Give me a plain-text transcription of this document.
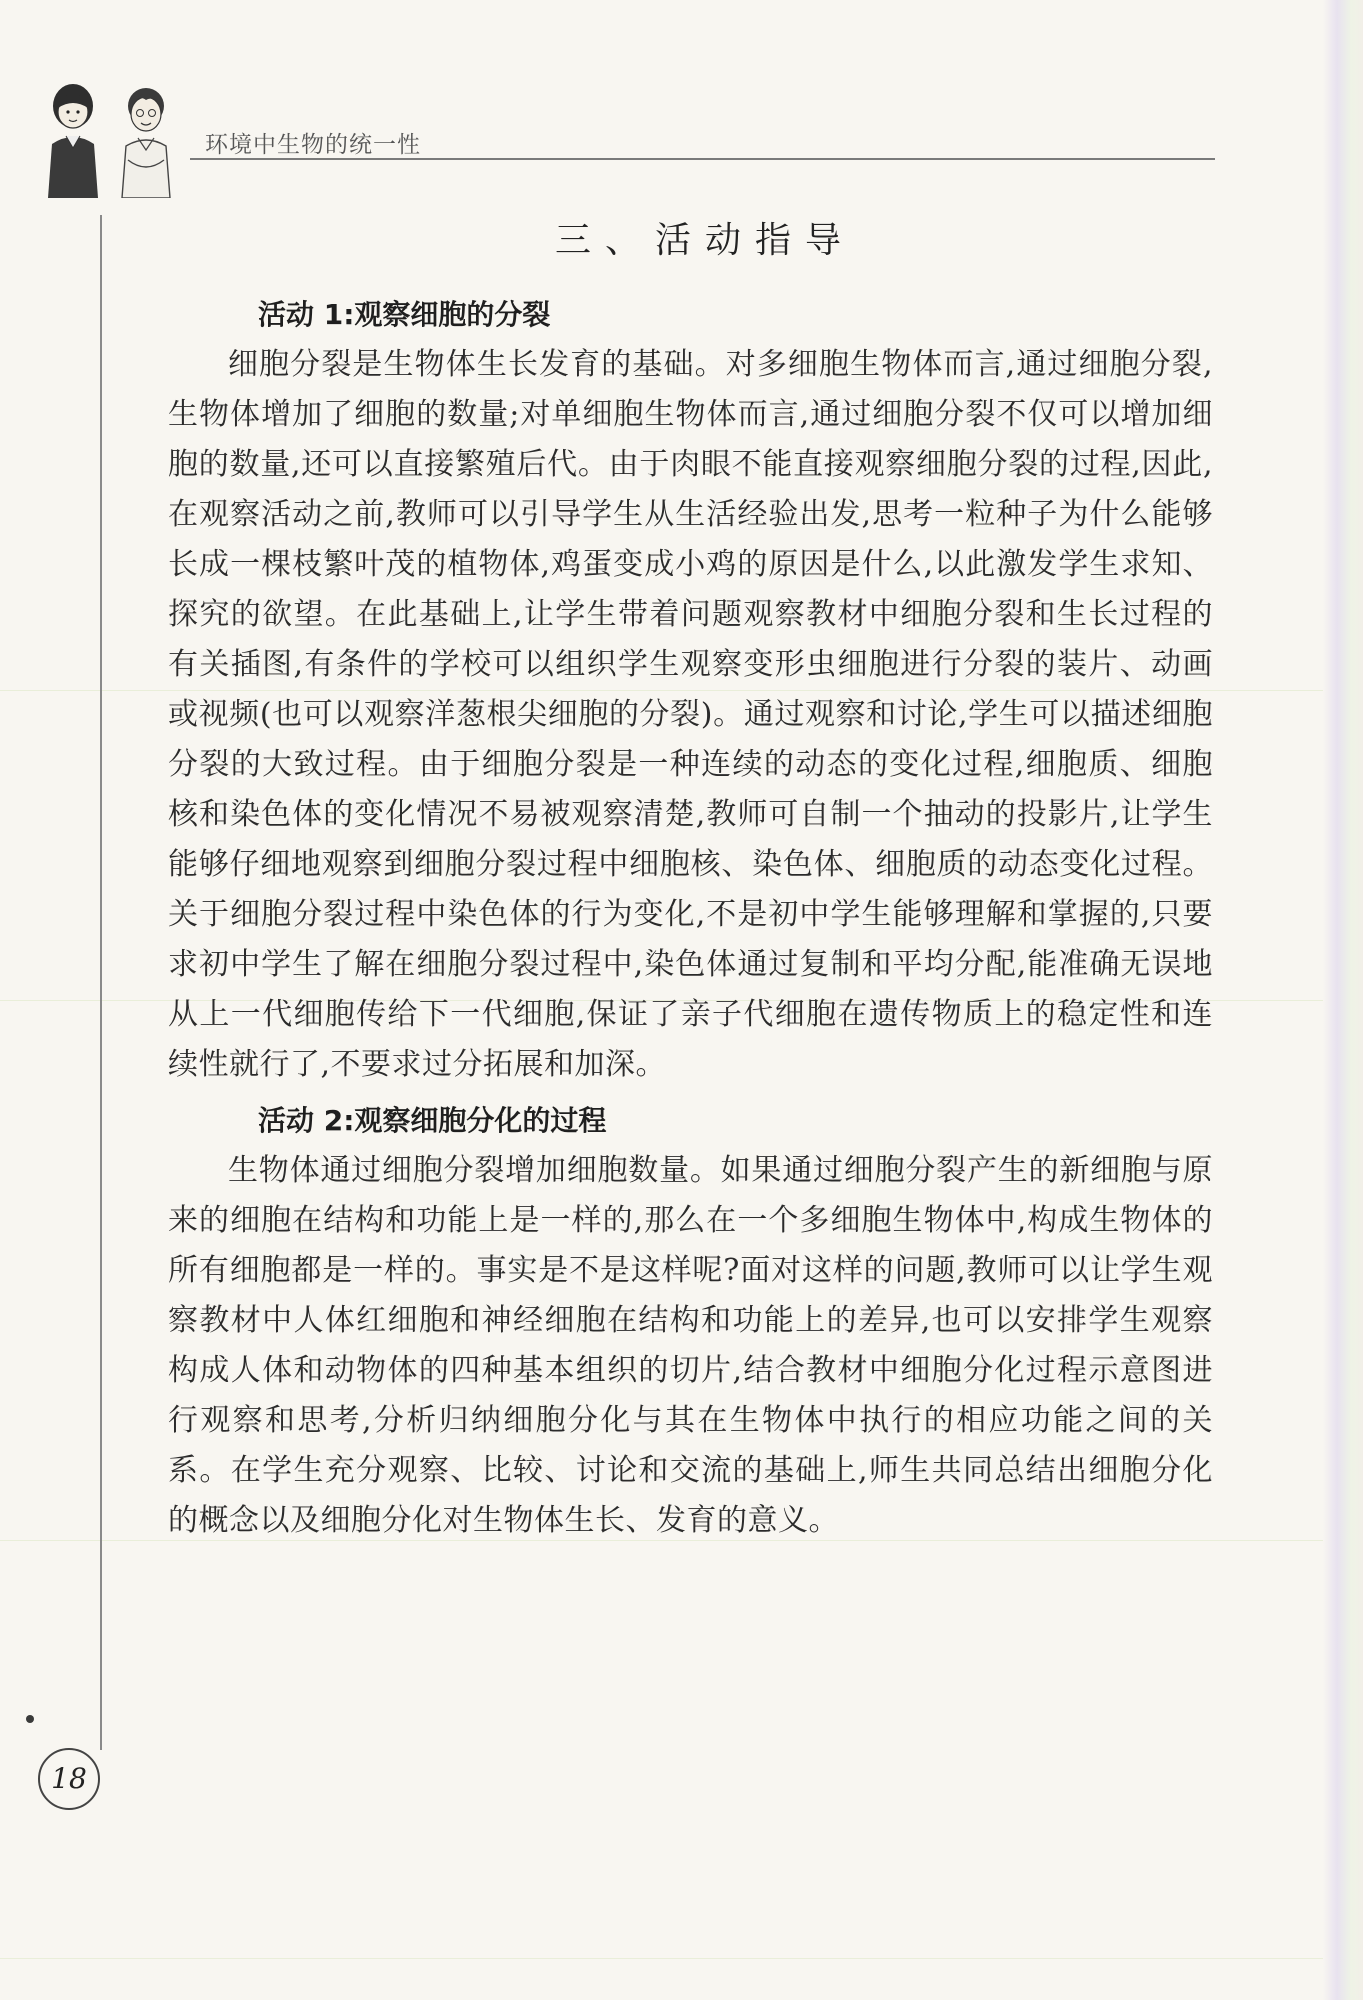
环境中生物的统一性
三、活动指导
活动 1:观察细胞的分裂

细胞分裂是生物体生长发育的基础。对多细胞生物体而言,通过细胞分裂,生物体增加了细胞的数量;对单细胞生物体而言,通过细胞分裂不仅可以增加细胞的数量,还可以直接繁殖后代。由于肉眼不能直接观察细胞分裂的过程,因此,在观察活动之前,教师可以引导学生从生活经验出发,思考一粒种子为什么能够长成一棵枝繁叶茂的植物体,鸡蛋变成小鸡的原因是什么,以此激发学生求知、探究的欲望。在此基础上,让学生带着问题观察教材中细胞分裂和生长过程的有关插图,有条件的学校可以组织学生观察变形虫细胞进行分裂的装片、动画或视频(也可以观察洋葱根尖细胞的分裂)。通过观察和讨论,学生可以描述细胞分裂的大致过程。由于细胞分裂是一种连续的动态的变化过程,细胞质、细胞核和染色体的变化情况不易被观察清楚,教师可自制一个抽动的投影片,让学生能够仔细地观察到细胞分裂过程中细胞核、染色体、细胞质的动态变化过程。关于细胞分裂过程中染色体的行为变化,不是初中学生能够理解和掌握的,只要求初中学生了解在细胞分裂过程中,染色体通过复制和平均分配,能准确无误地从上一代细胞传给下一代细胞,保证了亲子代细胞在遗传物质上的稳定性和连续性就行了,不要求过分拓展和加深。

活动 2:观察细胞分化的过程

生物体通过细胞分裂增加细胞数量。如果通过细胞分裂产生的新细胞与原来的细胞在结构和功能上是一样的,那么在一个多细胞生物体中,构成生物体的所有细胞都是一样的。事实是不是这样呢?面对这样的问题,教师可以让学生观察教材中人体红细胞和神经细胞在结构和功能上的差异,也可以安排学生观察构成人体和动物体的四种基本组织的切片,结合教材中细胞分化过程示意图进行观察和思考,分析归纳细胞分化与其在生物体中执行的相应功能之间的关系。在学生充分观察、比较、讨论和交流的基础上,师生共同总结出细胞分化的概念以及细胞分化对生物体生长、发育的意义。

18
